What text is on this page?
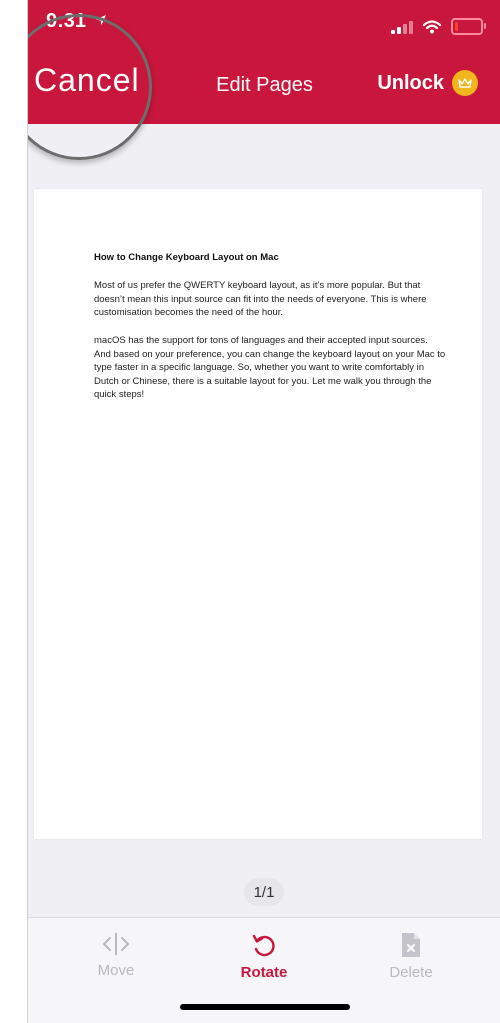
9:31
Cancel	Edit Pages	Unlock
How to Change Keyboard Layout on Mac

Most of us prefer the QWERTY keyboard layout, as it’s more popular. But that doesn’t mean this input source can fit into the needs of everyone. This is where customisation becomes the need of the hour.

macOS has the support for tons of languages and their accepted input sources. And based on your preference, you can change the keyboard layout on your Mac to type faster in a specific language. So, whether you want to write comfortably in Dutch or Chinese, there is a suitable layout for you. Let me walk you through the quick steps!

1/1
Move	Rotate	Delete
